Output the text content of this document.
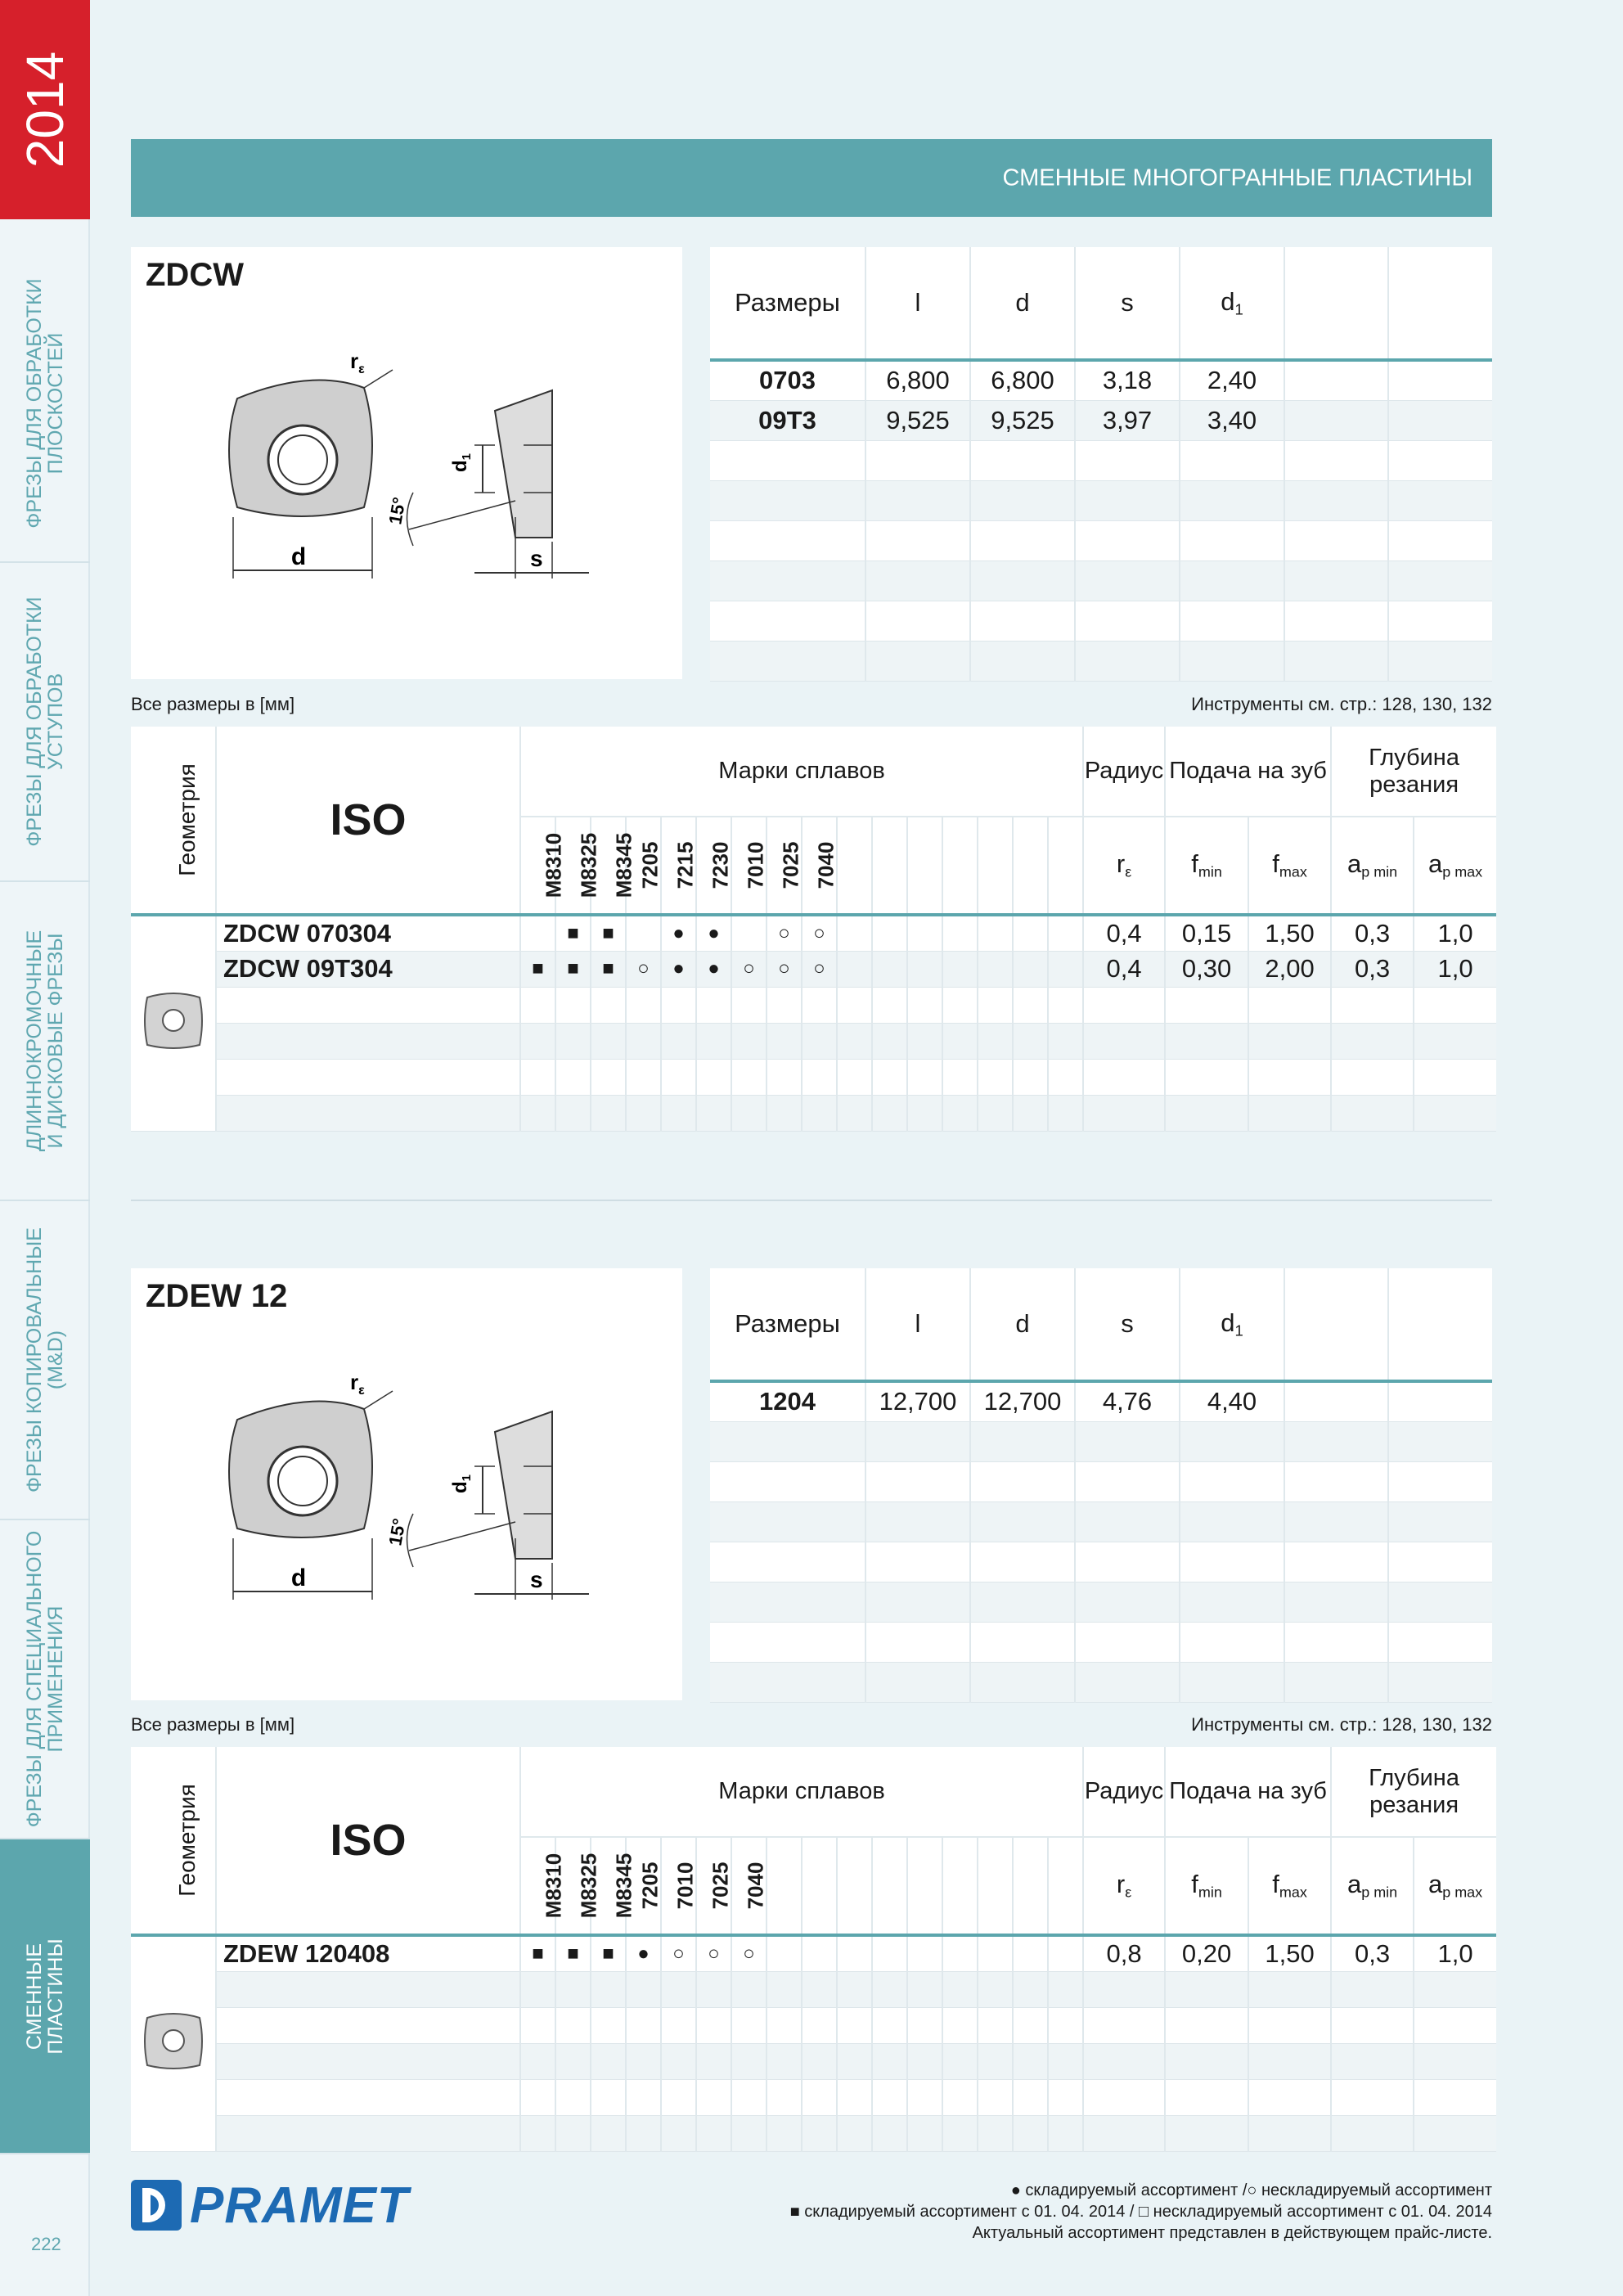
2014
ФРЕЗЫ ДЛЯ ОБРАБОТКИ
ПЛОСКОСТЕЙ
ФРЕЗЫ ДЛЯ ОБРАБОТКИ
УСТУПОВ
ДЛИННОКРОМОЧНЫЕ
И ДИСКОВЫЕ ФРЕЗЫ
ФРЕЗЫ КОПИРОВАЛЬНЫЕ
(M&D)
ФРЕЗЫ ДЛЯ СПЕЦИАЛЬНОГО
ПРИМЕНЕНИЯ
СМЕННЫЕ
ПЛАСТИНЫ
222
СМЕННЫЕ МНОГОГРАННЫЕ ПЛАСТИНЫ
ZDCW
d
$r_\varepsilon$
$d_1$
15°
s
Размеры	l	d	s	$d_1$		
0703	6,800	6,800	3,18	2,40		
09T3	9,525	9,525	3,97	3,40		

Все размеры в [мм]	Инструменты см. стр.: 128, 130, 132
Геометрия	ISO	Марки сплавов																Радиус	Подача на зуб		Глубина резания	
		M8310	M8325	M8345	7205	7215	7230	7010	7025	7040								$r_\varepsilon$	$f_{min}$	$f_{max}$	$a_{p min}$	$a_{p max}$
	ZDCW 070304		■	■		●	●		○	○								0,4	0,15	1,50	0,3	1,0
	ZDCW 09T304	■	■	■	○	●	●	○	○	○								0,4	0,30	2,00	0,3	1,0

ZDEW 12
d
$r_\varepsilon$
$d_1$
15°
s
Размеры	l	d	s	$d_1$		
1204	12,700	12,700	4,76	4,40		

Все размеры в [мм]	Инструменты см. стр.: 128, 130, 132
Геометрия	ISO	Марки сплавов																Радиус	Подача на зуб		Глубина резания	
		M8310	M8325	M8345	7205	7010	7025	7040										$r_\varepsilon$	$f_{min}$	$f_{max}$	$a_{p min}$	$a_{p max}$
	ZDEW 120408	■	■	■	●	○	○	○										0,8	0,20	1,50	0,3	1,0

PRAMET	● складируемый ассортимент /○ нескладируемый ассортимент
■ складируемый ассортимент с 01. 04. 2014 / □ нескладируемый ассортимент с 01. 04. 2014
Актуальный ассортимент представлен в действующем прайс-листе.
